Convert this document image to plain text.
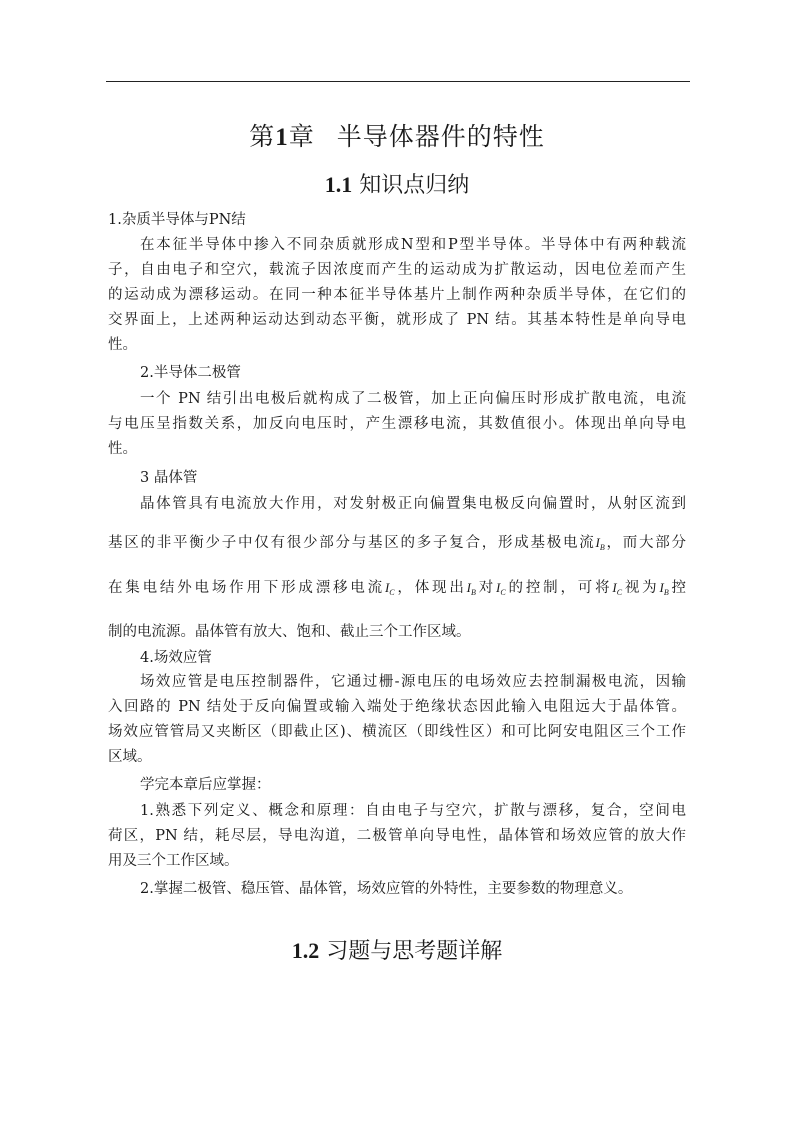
第1章 半导体器件的特性
1.1 知识点归纳
1.杂质半导体与PN结
在本征半导体中掺入不同杂质就形成N型和P型半导体。半导体中有两种载流
子，自由电子和空穴，载流子因浓度而产生的运动成为扩散运动，因电位差而产生
的运动成为漂移运动。在同一种本征半导体基片上制作两种杂质半导体，在它们的
交界面上，上述两种运动达到动态平衡，就形成了 PN 结。其基本特性是单向导电
性。
2.半导体二极管
一个 PN 结引出电极后就构成了二极管，加上正向偏压时形成扩散电流，电流
与电压呈指数关系，加反向电压时，产生漂移电流，其数值很小。体现出单向导电
性。
3 晶体管
晶体管具有电流放大作用，对发射极正向偏置集电极反向偏置时，从射区流到
基区的非平衡少子中仅有很少部分与基区的多子复合，形成基极电流$I_B$，而大部分
在集电结外电场作用下形成漂移电流$I_C$，体现出$I_B$对$I_C$的控制，可将$I_C$视为$I_B$控
制的电流源。晶体管有放大、饱和、截止三个工作区域。
4.场效应管
场效应管是电压控制器件，它通过栅-源电压的电场效应去控制漏极电流，因输
入回路的 PN 结处于反向偏置或输入端处于绝缘状态因此输入电阻远大于晶体管。
场效应管管局又夹断区（即截止区)、横流区（即线性区）和可比阿安电阻区三个工作
区域。
学完本章后应掌握：
1.熟悉下列定义、概念和原理：自由电子与空穴，扩散与漂移，复合，空间电
荷区，PN 结，耗尽层，导电沟道，二极管单向导电性，晶体管和场效应管的放大作
用及三个工作区域。
2.掌握二极管、稳压管、晶体管，场效应管的外特性，主要参数的物理意义。
1.2 习题与思考题详解
